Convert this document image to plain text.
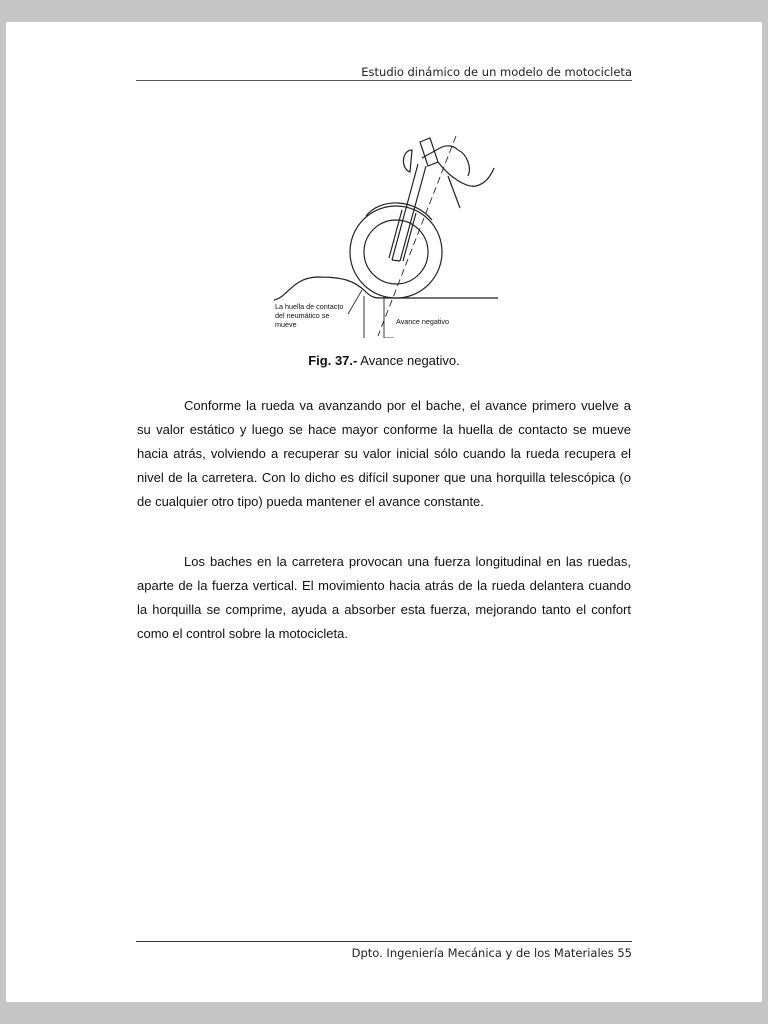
Estudio dinámico de un modelo de motocicleta
La huella de contacto
del neumático se
mueve	Avance negativo
Fig. 37.- Avance negativo.

Conforme la rueda va avanzando por el bache, el avance primero vuelve a su valor estático y luego se hace mayor conforme la huella de contacto se mueve hacia atrás, volviendo a recuperar su valor inicial sólo cuando la rueda recupera el nivel de la carretera. Con lo dicho es difícil suponer que una horquilla telescópica (o de cualquier otro tipo) pueda mantener el avance constante.

Los baches en la carretera provocan una fuerza longitudinal en las ruedas, aparte de la fuerza vertical. El movimiento hacia atrás de la rueda delantera cuando la horquilla se comprime, ayuda a absorber esta fuerza, mejorando tanto el confort como el control sobre la motocicleta.

Dpto. Ingeniería Mecánica y de los Materiales 55
